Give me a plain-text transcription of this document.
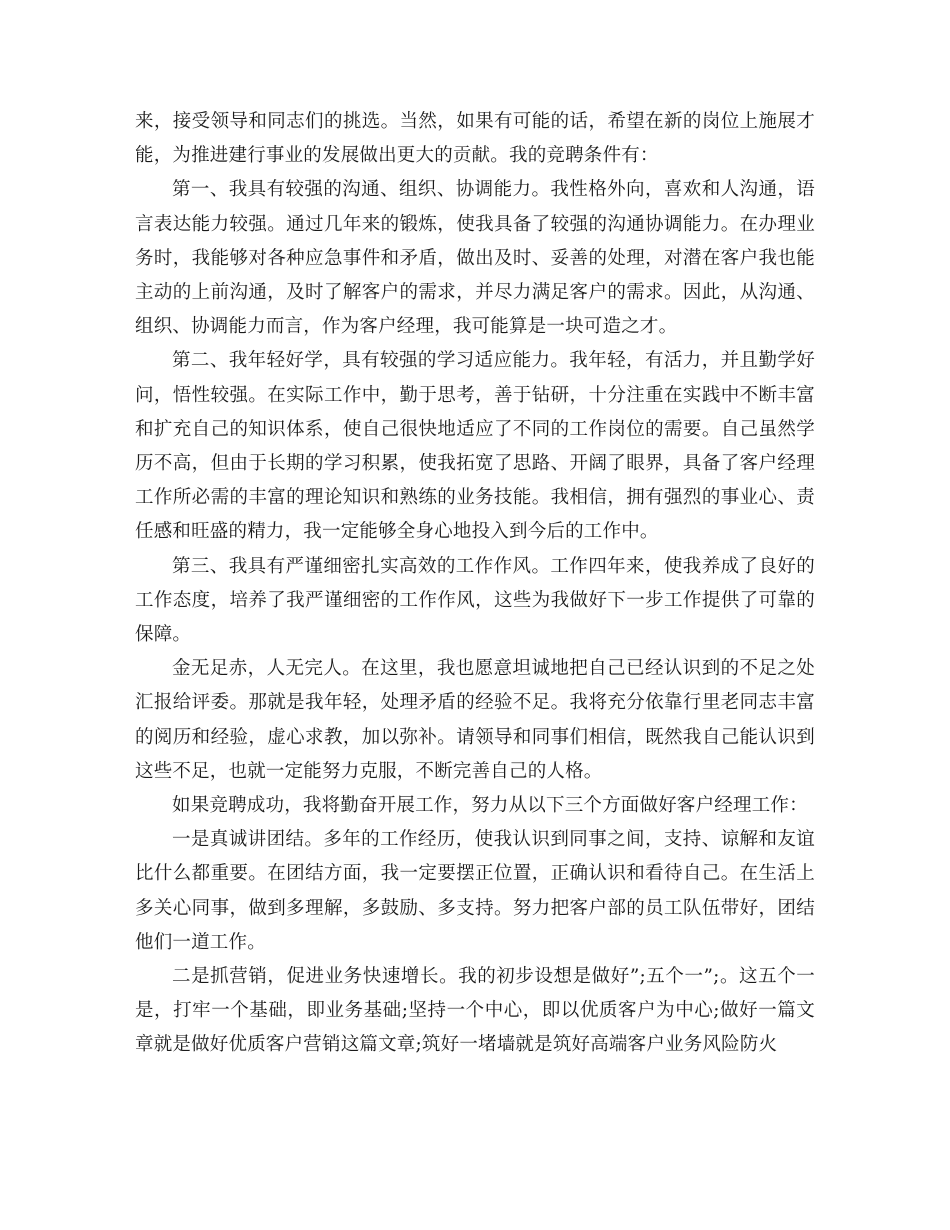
来，接受领导和同志们的挑选。当然，如果有可能的话，希望在新的岗位上施展才能，为推进建行事业的发展做出更大的贡献。我的竞聘条件有：

第一、我具有较强的沟通、组织、协调能力。我性格外向，喜欢和人沟通，语言表达能力较强。通过几年来的锻炼，使我具备了较强的沟通协调能力。在办理业务时，我能够对各种应急事件和矛盾，做出及时、妥善的处理，对潜在客户我也能主动的上前沟通，及时了解客户的需求，并尽力满足客户的需求。因此，从沟通、组织、协调能力而言，作为客户经理，我可能算是一块可造之才。

第二、我年轻好学，具有较强的学习适应能力。我年轻，有活力，并且勤学好问，悟性较强。在实际工作中，勤于思考，善于钻研，十分注重在实践中不断丰富和扩充自己的知识体系，使自己很快地适应了不同的工作岗位的需要。自己虽然学历不高，但由于长期的学习积累，使我拓宽了思路、开阔了眼界，具备了客户经理工作所必需的丰富的理论知识和熟练的业务技能。我相信，拥有强烈的事业心、责任感和旺盛的精力，我一定能够全身心地投入到今后的工作中。

第三、我具有严谨细密扎实高效的工作作风。工作四年来，使我养成了良好的工作态度，培养了我严谨细密的工作作风，这些为我做好下一步工作提供了可靠的保障。

金无足赤，人无完人。在这里，我也愿意坦诚地把自己已经认识到的不足之处汇报给评委。那就是我年轻，处理矛盾的经验不足。我将充分依靠行里老同志丰富的阅历和经验，虚心求教，加以弥补。请领导和同事们相信，既然我自己能认识到这些不足，也就一定能努力克服，不断完善自己的人格。

如果竞聘成功，我将勤奋开展工作，努力从以下三个方面做好客户经理工作：

一是真诚讲团结。多年的工作经历，使我认识到同事之间，支持、谅解和友谊比什么都重要。在团结方面，我一定要摆正位置，正确认识和看待自己。在生活上多关心同事，做到多理解，多鼓励、多支持。努力把客户部的员工队伍带好，团结他们一道工作。

二是抓营销，促进业务快速增长。我的初步设想是做好”;五个一”;。这五个一是，打牢一个基础，即业务基础;坚持一个中心，即以优质客户为中心;做好一篇文章就是做好优质客户营销这篇文章;筑好一堵墙就是筑好高端客户业务风险防火
